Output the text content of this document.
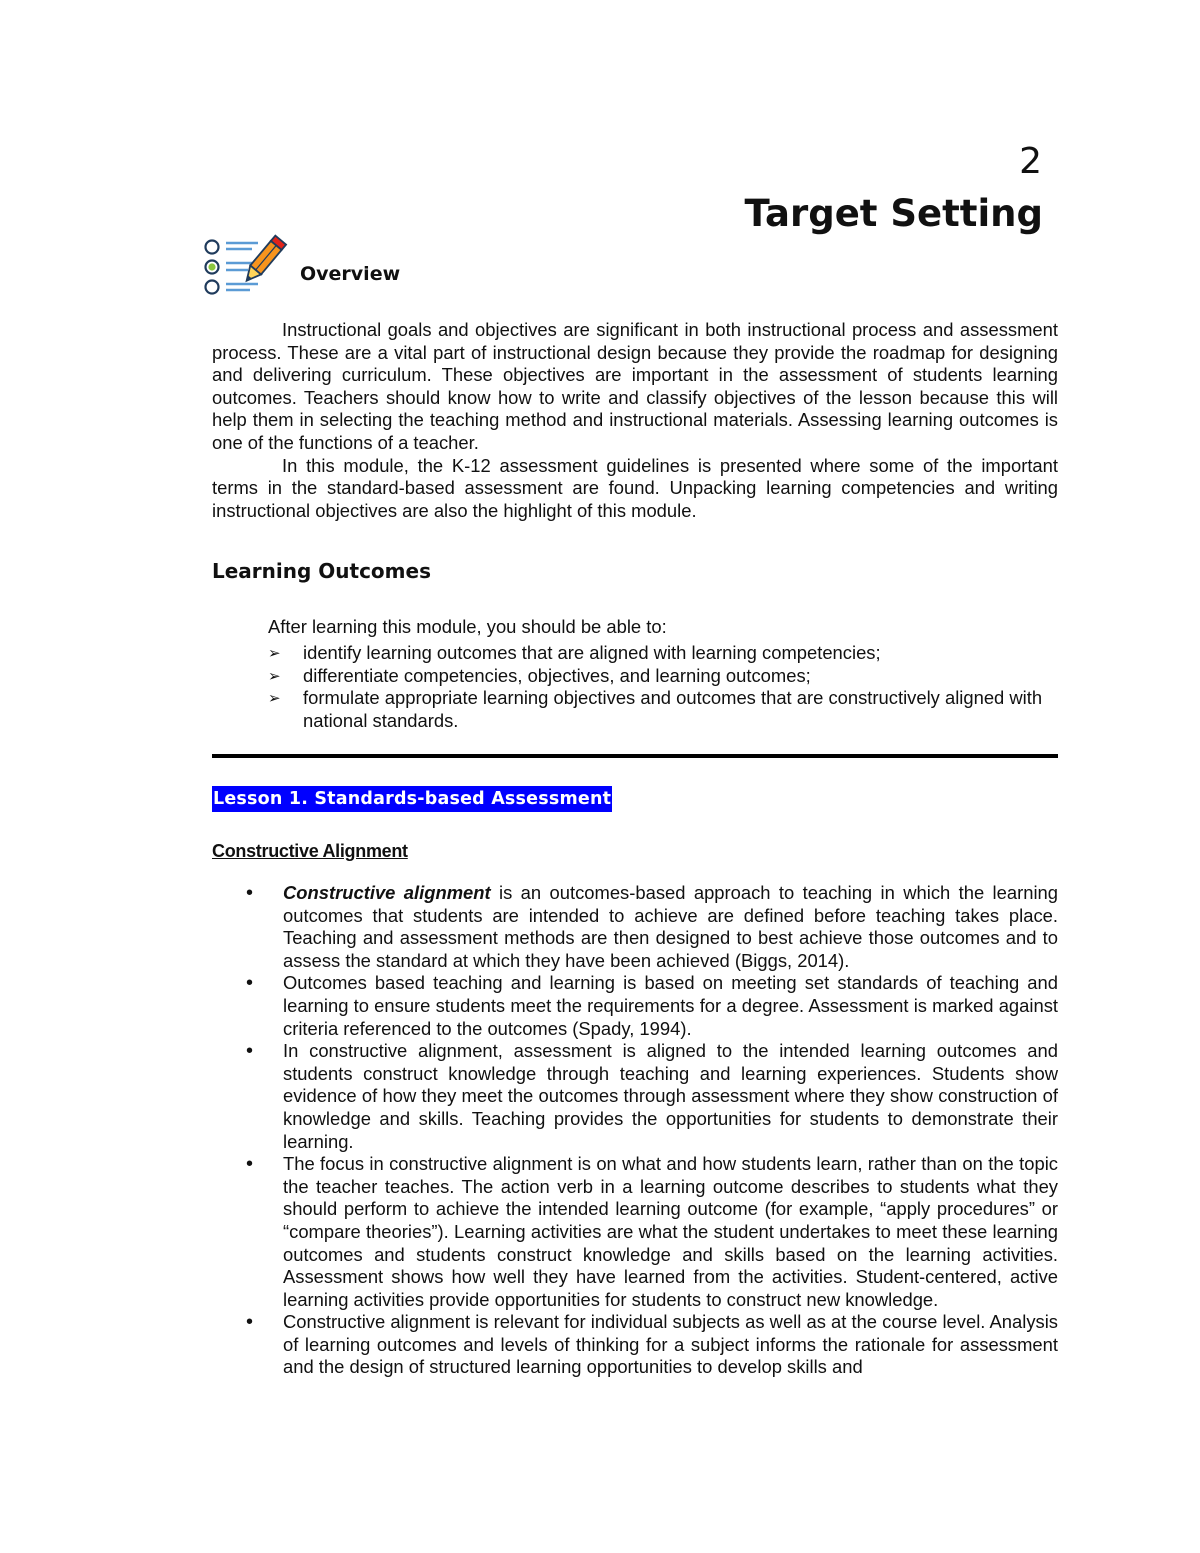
2
Target Setting
Overview

Instructional goals and objectives are significant in both instructional process and assessment process. These are a vital part of instructional design because they provide the roadmap for designing and delivering curriculum. These objectives are important in the assessment of students learning outcomes. Teachers should know how to write and classify objectives of the lesson because this will help them in selecting the teaching method and instructional materials. Assessing learning outcomes is one of the functions of a teacher.

In this module, the K-12 assessment guidelines is presented where some of the important terms in the standard-based assessment are found. Unpacking learning competencies and writing instructional objectives are also the highlight of this module.

Learning Outcomes
After learning this module, you should be able to:
➢ identify learning outcomes that are aligned with learning competencies;
➢ differentiate competencies, objectives, and learning outcomes;
➢ formulate appropriate learning objectives and outcomes that are constructively aligned with national standards.
Lesson 1. Standards-based Assessment
Constructive Alignment
• Constructive alignment is an outcomes-based approach to teaching in which the learning outcomes that students are intended to achieve are defined before teaching takes place. Teaching and assessment methods are then designed to best achieve those outcomes and to assess the standard at which they have been achieved (Biggs, 2014).
• Outcomes based teaching and learning is based on meeting set standards of teaching and learning to ensure students meet the requirements for a degree. Assessment is marked against criteria referenced to the outcomes (Spady, 1994).
• In constructive alignment, assessment is aligned to the intended learning outcomes and students construct knowledge through teaching and learning experiences. Students show evidence of how they meet the outcomes through assessment where they show construction of knowledge and skills. Teaching provides the opportunities for students to demonstrate their learning.
• The focus in constructive alignment is on what and how students learn, rather than on the topic the teacher teaches. The action verb in a learning outcome describes to students what they should perform to achieve the intended learning outcome (for example, “apply procedures” or “compare theories”). Learning activities are what the student undertakes to meet these learning outcomes and students construct knowledge and skills based on the learning activities. Assessment shows how well they have learned from the activities. Student-centered, active learning activities provide opportunities for students to construct new knowledge.
• Constructive alignment is relevant for individual subjects as well as at the course level. Analysis of learning outcomes and levels of thinking for a subject informs the rationale for assessment and the design of structured learning opportunities to develop skills and
